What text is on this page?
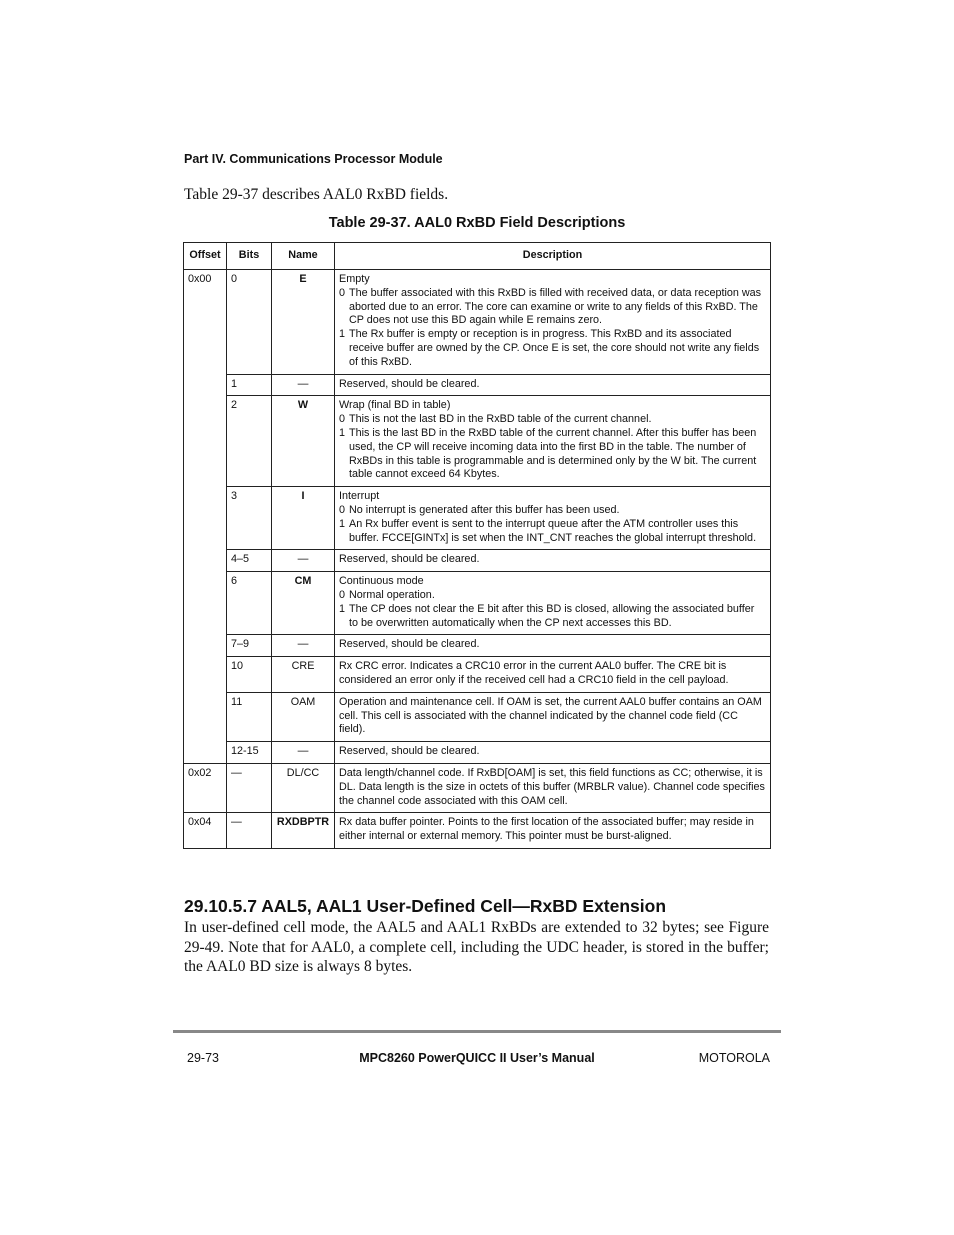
Part IV. Communications Processor Module
Table 29-37 describes AAL0 RxBD fields.
Table 29-37. AAL0 RxBD Field Descriptions
Offset	Bits	Name	Description
0x00	0	E	Empty
0 The buffer associated with this RxBD is filled with received data, or data reception was aborted due to an error. The core can examine or write to any fields of this RxBD. The CP does not use this BD again while E remains zero.
1 The Rx buffer is empty or reception is in progress. This RxBD and its associated receive buffer are owned by the CP. Once E is set, the core should not write any fields of this RxBD.

	1	—	Reserved, should be cleared.

	2	W	Wrap (final BD in table)
0 This is not the last BD in the RxBD table of the current channel.
1 This is the last BD in the RxBD table of the current channel. After this buffer has been used, the CP will receive incoming data into the first BD in the table. The number of RxBDs in this table is programmable and is determined only by the W bit. The current table cannot exceed 64 Kbytes.

	3	I	Interrupt
0 No interrupt is generated after this buffer has been used.
1 An Rx buffer event is sent to the interrupt queue after the ATM controller uses this buffer. FCCE[GINTx] is set when the INT_CNT reaches the global interrupt threshold.

	4–5	—	Reserved, should be cleared.

	6	CM	Continuous mode
0 Normal operation.
1 The CP does not clear the E bit after this BD is closed, allowing the associated buffer to be overwritten automatically when the CP next accesses this BD.

	7–9	—	Reserved, should be cleared.

	10	CRE	Rx CRC error. Indicates a CRC10 error in the current AAL0 buffer. The CRE bit is considered an error only if the received cell had a CRC10 field in the cell payload.

	11	OAM	Operation and maintenance cell. If OAM is set, the current AAL0 buffer contains an OAM cell. This cell is associated with the channel indicated by the channel code field (CC field).

	12-15	—	Reserved, should be cleared.

0x02	—	DL/CC	Data length/channel code. If RxBD[OAM] is set, this field functions as CC; otherwise, it is DL. Data length is the size in octets of this buffer (MRBLR value). Channel code specifies the channel code associated with this OAM cell.

0x04	—	RXDBPTR	Rx data buffer pointer. Points to the first location of the associated buffer; may reside in either internal or external memory. This pointer must be burst-aligned.
29.10.5.7 AAL5, AAL1 User-Defined Cell—RxBD Extension
In user-defined cell mode, the AAL5 and AAL1 RxBDs are extended to 32 bytes; see Figure 29-49. Note that for AAL0, a complete cell, including the UDC header, is stored in the buffer; the AAL0 BD size is always 8 bytes.
29-73	MPC8260 PowerQUICC II User’s Manual	MOTOROLA
